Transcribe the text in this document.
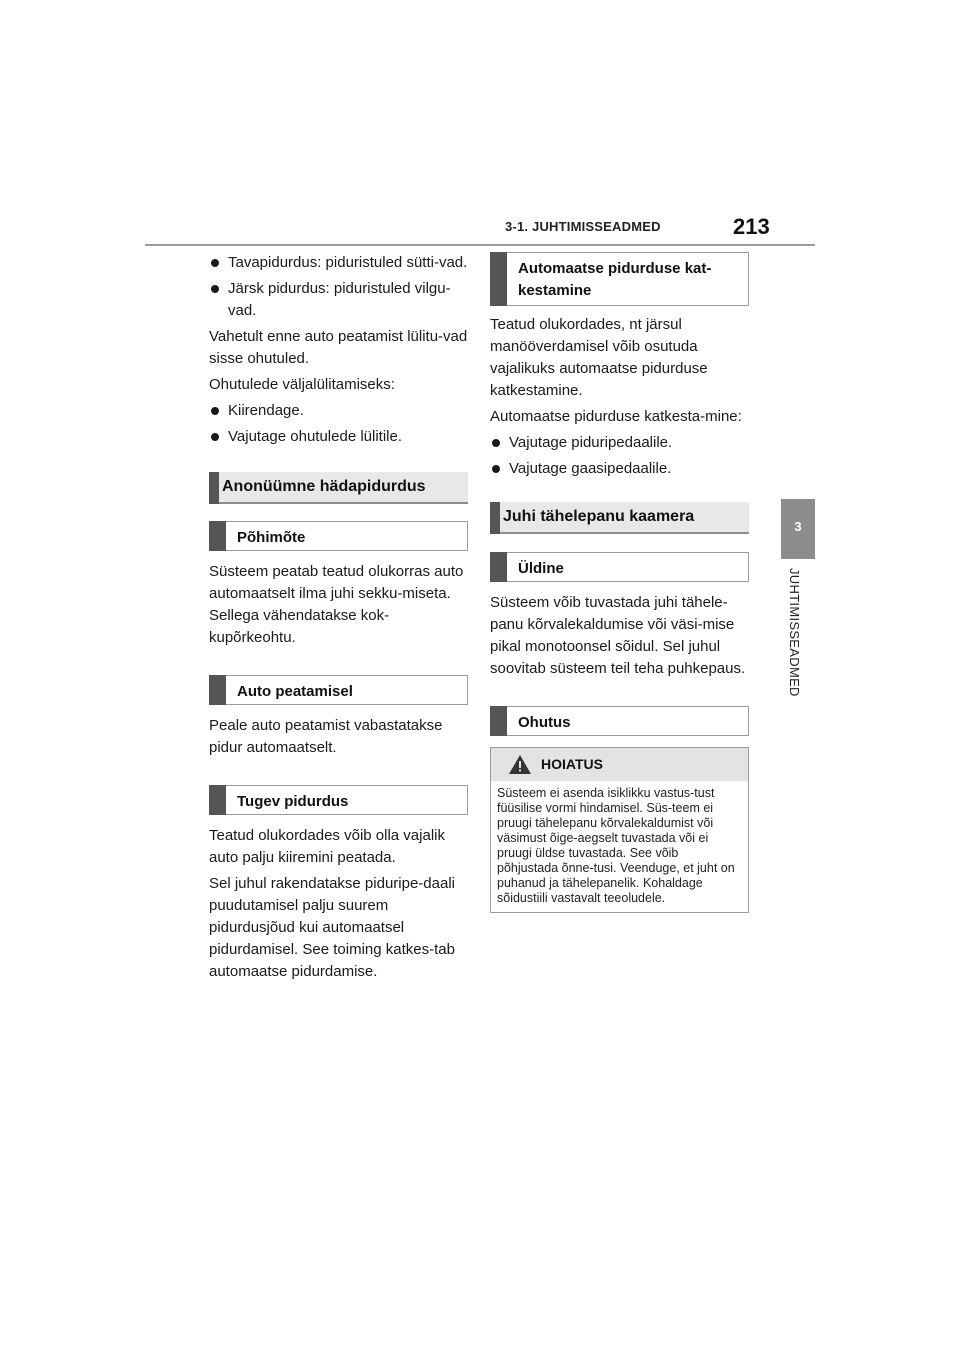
3-1. JUHTIMISSEADMED	213
3
JUHTIMISSEADMED

Tavapidurdus: piduristuled sütti-vad.

Järsk pidurdus: piduristuled vilgu-vad.

Vahetult enne auto peatamist lülitu-vad sisse ohutuled.

Ohutulede väljalülitamiseks:

Kiirendage.

Vajutage ohutulede lülitile.

Anonüümne hädapidurdus
Põhimõte

Süsteem peatab teatud olukorras auto automaatselt ilma juhi sekku-miseta. Sellega vähendatakse kok-kupõrkeohtu.

Auto peatamisel

Peale auto peatamist vabastatakse pidur automaatselt.

Tugev pidurdus

Teatud olukordades võib olla vajalik auto palju kiiremini peatada.

Sel juhul rakendatakse piduripe-daali puudutamisel palju suurem pidurdusjõud kui automaatsel pidurdamisel. See toiming katkes-tab automaatse pidurdamise.

Automaatse pidurduse kat-kestamine

Teatud olukordades, nt järsul manööverdamisel võib osutuda vajalikuks automaatse pidurduse katkestamine.

Automaatse pidurduse katkesta-mine:

Vajutage piduripedaalile.

Vajutage gaasipedaalile.

Juhi tähelepanu kaamera
Üldine

Süsteem võib tuvastada juhi tähele-panu kõrvalekaldumise või väsi-mise pikal monotoonsel sõidul. Sel juhul soovitab süsteem teil teha puhkepaus.

Ohutus
HOIATUS
Süsteem ei asenda isiklikku vastus-tust füüsilise vormi hindamisel. Süs-teem ei pruugi tähelepanu kõrvalekaldumist või väsimust õige-aegselt tuvastada või ei pruugi üldse tuvastada. See võib põhjustada õnne-tusi. Veenduge, et juht on puhanud ja tähelepanelik. Kohaldage sõidustiili vastavalt teeoludele.
